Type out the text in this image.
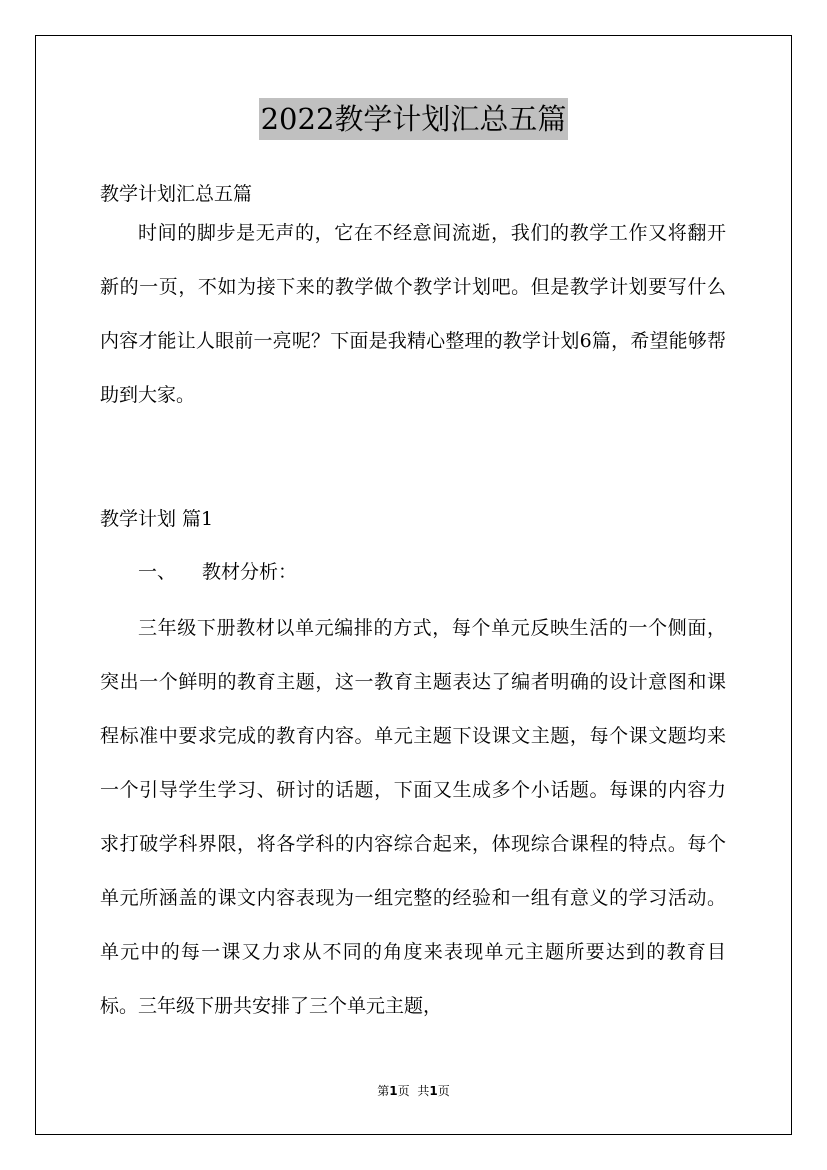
2022教学计划汇总五篇
教学计划汇总五篇
时间的脚步是无声的，它在不经意间流逝，我们的教学工作又将翻开新的一页，不如为接下来的教学做个教学计划吧。但是教学计划要写什么内容才能让人眼前一亮呢？下面是我精心整理的教学计划6篇，希望能够帮助到大家。
教学计划 篇1
一、 教材分析：
三年级下册教材以单元编排的方式，每个单元反映生活的一个侧面，突出一个鲜明的教育主题，这一教育主题表达了编者明确的设计意图和课程标准中要求完成的教育内容。单元主题下设课文主题，每个课文题均来一个引导学生学习、研讨的话题，下面又生成多个小话题。每课的内容力求打破学科界限，将各学科的内容综合起来，体现综合课程的特点。每个单元所涵盖的课文内容表现为一组完整的经验和一组有意义的学习活动。单元中的每一课又力求从不同的角度来表现单元主题所要达到的教育目标。三年级下册共安排了三个单元主题，
第1页 共1页
